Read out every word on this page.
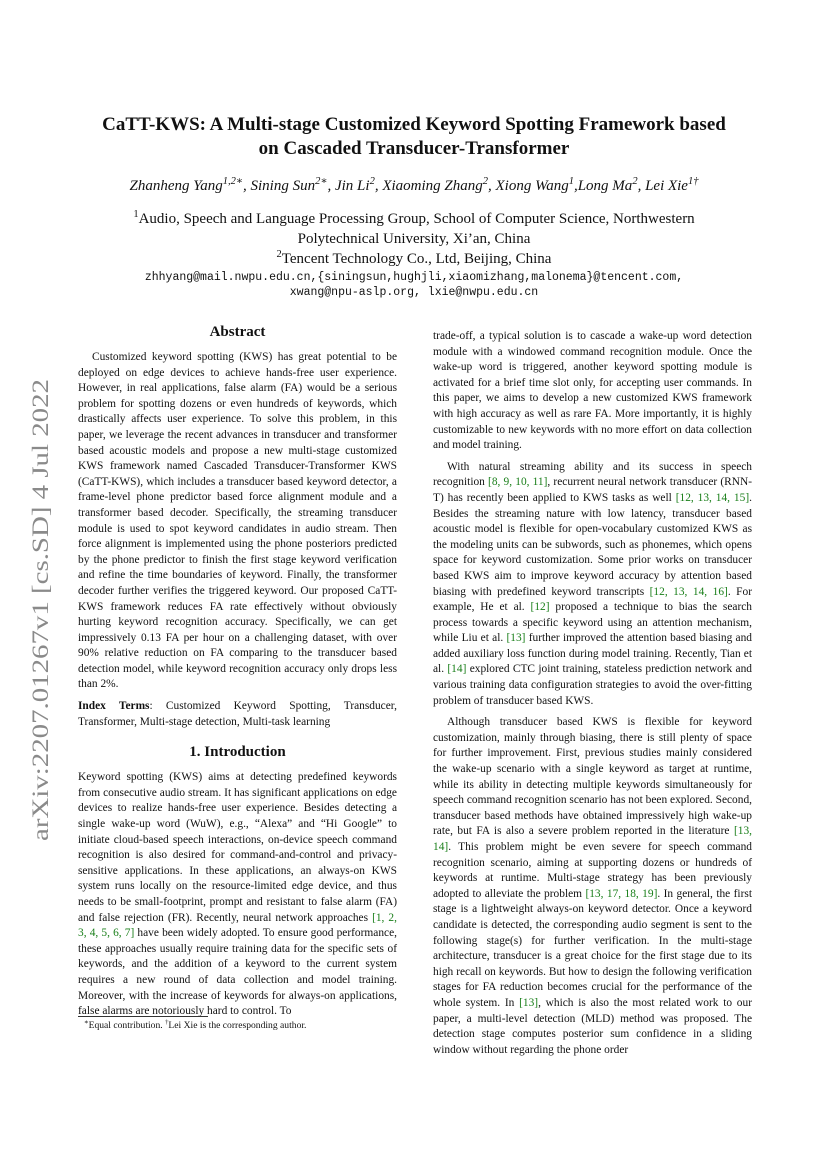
arXiv:2207.01267v1 [cs.SD] 4 Jul 2022
CaTT-KWS: A Multi-stage Customized Keyword Spotting Framework based
on Cascaded Transducer-Transformer
Zhanheng Yang$^{1,2∗}$, Sining Sun$^{2∗}$, Jin Li$^2$, Xiaoming Zhang$^2$, Xiong Wang$^1$,Long Ma$^2$, Lei Xie$^{1\dagger}$
$^1$Audio, Speech and Language Processing Group, School of Computer Science, Northwestern
Polytechnical University, Xi’an, China
$^2$Tencent Technology Co., Ltd, Beijing, China
zhhyang@mail.nwpu.edu.cn,{siningsun,hughjli,xiaomizhang,malonema}@tencent.com,
xwang@npu-aslp.org, lxie@nwpu.edu.cn
Abstract

Customized keyword spotting (KWS) has great potential to be deployed on edge devices to achieve hands-free user experience. However, in real applications, false alarm (FA) would be a serious problem for spotting dozens or even hundreds of keywords, which drastically affects user experience. To solve this problem, in this paper, we leverage the recent advances in transducer and transformer based acoustic models and propose a new multi-stage customized KWS framework named Cascaded Transducer-Transformer KWS (CaTT-KWS), which includes a transducer based keyword detector, a frame-level phone predictor based force alignment module and a transformer based decoder. Specifically, the streaming transducer module is used to spot keyword candidates in audio stream. Then force alignment is implemented using the phone posteriors predicted by the phone predictor to finish the first stage keyword verification and refine the time boundaries of keyword. Finally, the transformer decoder further verifies the triggered keyword. Our proposed CaTT-KWS framework reduces FA rate effectively without obviously hurting keyword recognition accuracy. Specifically, we can get impressively 0.13 FA per hour on a challenging dataset, with over 90% relative reduction on FA comparing to the transducer based detection model, while keyword recognition accuracy only drops less than 2%.

Index Terms: Customized Keyword Spotting, Transducer, Transformer, Multi-stage detection, Multi-task learning

1. Introduction

Keyword spotting (KWS) aims at detecting predefined keywords from consecutive audio stream. It has significant applications on edge devices to realize hands-free user experience. Besides detecting a single wake-up word (WuW), e.g., “Alexa” and “Hi Google” to initiate cloud-based speech interactions, on-device speech command recognition is also desired for command-and-control and privacy-sensitive applications. In these applications, an always-on KWS system runs locally on the resource-limited edge device, and thus needs to be small-footprint, prompt and resistant to false alarm (FA) and false rejection (FR). Recently, neural network approaches [1, 2, 3, 4, 5, 6, 7] have been widely adopted. To ensure good performance, these approaches usually require training data for the specific sets of keywords, and the addition of a keyword to the current system requires a new round of data collection and model training. Moreover, with the increase of keywords for always-on applications, false alarms are notoriously hard to control. To

trade-off, a typical solution is to cascade a wake-up word detection module with a windowed command recognition module. Once the wake-up word is triggered, another keyword spotting module is activated for a brief time slot only, for accepting user commands. In this paper, we aims to develop a new customized KWS framework with high accuracy as well as rare FA. More importantly, it is highly customizable to new keywords with no more effort on data collection and model training.

With natural streaming ability and its success in speech recognition [8, 9, 10, 11], recurrent neural network transducer (RNN-T) has recently been applied to KWS tasks as well [12, 13, 14, 15]. Besides the streaming nature with low latency, transducer based acoustic model is flexible for open-vocabulary customized KWS as the modeling units can be subwords, such as phonemes, which opens space for keyword customization. Some prior works on transducer based KWS aim to improve keyword accuracy by attention based biasing with predefined keyword transcripts [12, 13, 14, 16]. For example, He et al. [12] proposed a technique to bias the search process towards a specific keyword using an attention mechanism, while Liu et al. [13] further improved the attention based biasing and added auxiliary loss function during model training. Recently, Tian et al. [14] explored CTC joint training, stateless prediction network and various training data configuration strategies to avoid the over-fitting problem of transducer based KWS.

Although transducer based KWS is flexible for keyword customization, mainly through biasing, there is still plenty of space for further improvement. First, previous studies mainly considered the wake-up scenario with a single keyword as target at runtime, while its ability in detecting multiple keywords simultaneously for speech command recognition scenario has not been explored. Second, transducer based methods have obtained impressively high wake-up rate, but FA is also a severe problem reported in the literature [13, 14]. This problem might be even severe for speech command recognition scenario, aiming at supporting dozens or hundreds of keywords at runtime. Multi-stage strategy has been previously adopted to alleviate the problem [13, 17, 18, 19]. In general, the first stage is a lightweight always-on keyword detector. Once a keyword candidate is detected, the corresponding audio segment is sent to the following stage(s) for further verification. In the multi-stage architecture, transducer is a great choice for the first stage due to its high recall on keywords. But how to design the following verification stages for FA reduction becomes crucial for the performance of the whole system. In [13], which is also the most related work to our paper, a multi-level detection (MLD) method was proposed. The detection stage computes posterior sum confidence in a sliding window without regarding the phone order

∗Equal contribution. †Lei Xie is the corresponding author.
